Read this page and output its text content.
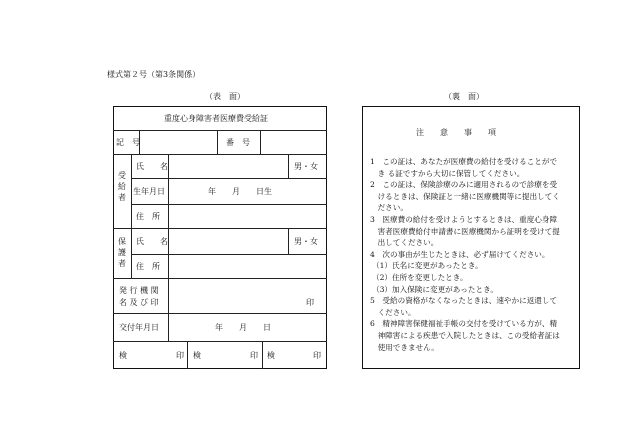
様式第２号（第3条関係）
（表　面）	（裏　面）
重度心身障害者医療費受給証
記　号	番　号
受給者
氏　　名	男・女
生年月日	年　　月　　日生
住　所
保護者
氏　　名	男・女
住　所
発 行 機 関
名 及 び 印	印
交付年月日	年　　月　　日
検	印 検	印 検	印
注　　意　　事　　項
1　この証は、あなたが医療費の給付を受けることがで
　き る証ですから大切に保管してください。
2　この証は、保険診療のみに適用されるので診療を受
　けるときは、保険証と一緒に医療機関等に提出してく
　ださい。
3　医療費の給付を受けようとするときは、重度心身障
　害者医療費給付申請書に医療機関から証明を受けて提
　出してください。
4　次の事由が生じたときは、必ず届けてください。
（1）氏名に変更があったとき。
（2）住所を変更したとき。
（3）加入保険に変更があったとき。
5　受給の資格がなくなったときは、速やかに返還して
　ください。
6　精神障害保健福祉手帳の交付を受けている方が、精
　神障害による疾患で入院したときは、この受給者証は
　使用できません。
